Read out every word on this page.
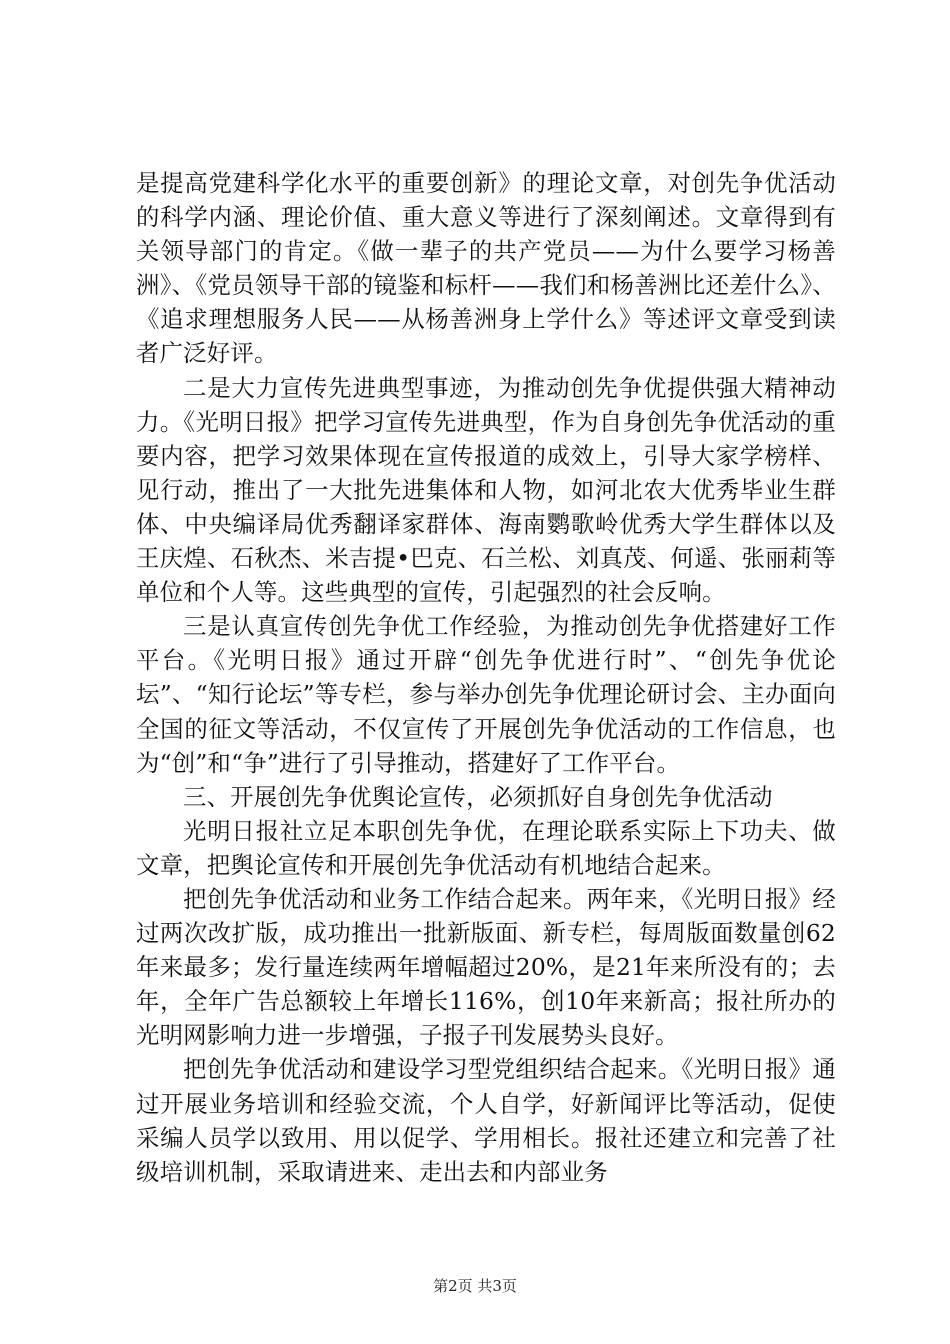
是提高党建科学化水平的重要创新》的理论文章，对创先争优活动的科学内涵、理论价值、重大意义等进行了深刻阐述。文章得到有关领导部门的肯定。《做一辈子的共产党员——为什么要学习杨善洲》、《党员领导干部的镜鉴和标杆——我们和杨善洲比还差什么》、《追求理想服务人民——从杨善洲身上学什么》等述评文章受到读者广泛好评。

二是大力宣传先进典型事迹，为推动创先争优提供强大精神动力。《光明日报》把学习宣传先进典型，作为自身创先争优活动的重要内容，把学习效果体现在宣传报道的成效上，引导大家学榜样、见行动，推出了一大批先进集体和人物，如河北农大优秀毕业生群体、中央编译局优秀翻译家群体、海南鹦歌岭优秀大学生群体以及王庆煌、石秋杰、米吉提•巴克、石兰松、刘真茂、何遥、张丽莉等单位和个人等。这些典型的宣传，引起强烈的社会反响。

三是认真宣传创先争优工作经验，为推动创先争优搭建好工作平台。《光明日报》通过开辟“创先争优进行时”、“创先争优论坛”、“知行论坛”等专栏，参与举办创先争优理论研讨会、主办面向全国的征文等活动，不仅宣传了开展创先争优活动的工作信息，也为“创”和“争”进行了引导推动，搭建好了工作平台。

三、开展创先争优舆论宣传，必须抓好自身创先争优活动

光明日报社立足本职创先争优，在理论联系实际上下功夫、做文章，把舆论宣传和开展创先争优活动有机地结合起来。

把创先争优活动和业务工作结合起来。两年来，《光明日报》经过两次改扩版，成功推出一批新版面、新专栏，每周版面数量创62年来最多；发行量连续两年增幅超过20%，是21年来所没有的；去年，全年广告总额较上年增长116%，创10年来新高；报社所办的光明网影响力进一步增强，子报子刊发展势头良好。

把创先争优活动和建设学习型党组织结合起来。《光明日报》通过开展业务培训和经验交流，个人自学，好新闻评比等活动，促使采编人员学以致用、用以促学、学用相长。报社还建立和完善了社级培训机制，采取请进来、走出去和内部业务

第2页 共3页
